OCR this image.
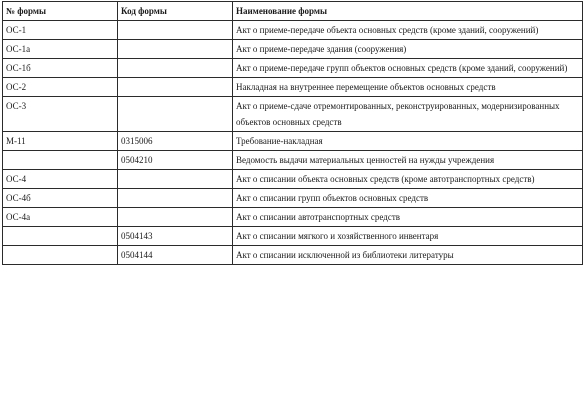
№ формы	Код формы	Наименование формы
ОС-1		Акт о приеме-передаче объекта основных средств (кроме зданий, сооружений)
ОС-1а		Акт о приеме-передаче здания (сооружения)
ОС-1б		Акт о приеме-передаче групп объектов основных средств (кроме зданий, сооружений)
ОС-2		Накладная на внутреннее перемещение объектов основных средств
ОС-3		Акт о приеме-сдаче отремонтированных, реконструированных, модернизированных объектов основных средств
М-11	0315006	Требование-накладная
	0504210	Ведомость выдачи материальных ценностей на нужды учреждения
ОС-4		Акт о списании объекта основных средств (кроме автотранспортных средств)
ОС-4б		Акт о списании групп объектов основных средств
ОС-4а		Акт о списании автотранспортных средств
	0504143	Акт о списании мягкого и хозяйственного инвентаря
	0504144	Акт о списании исключенной из библиотеки литературы
